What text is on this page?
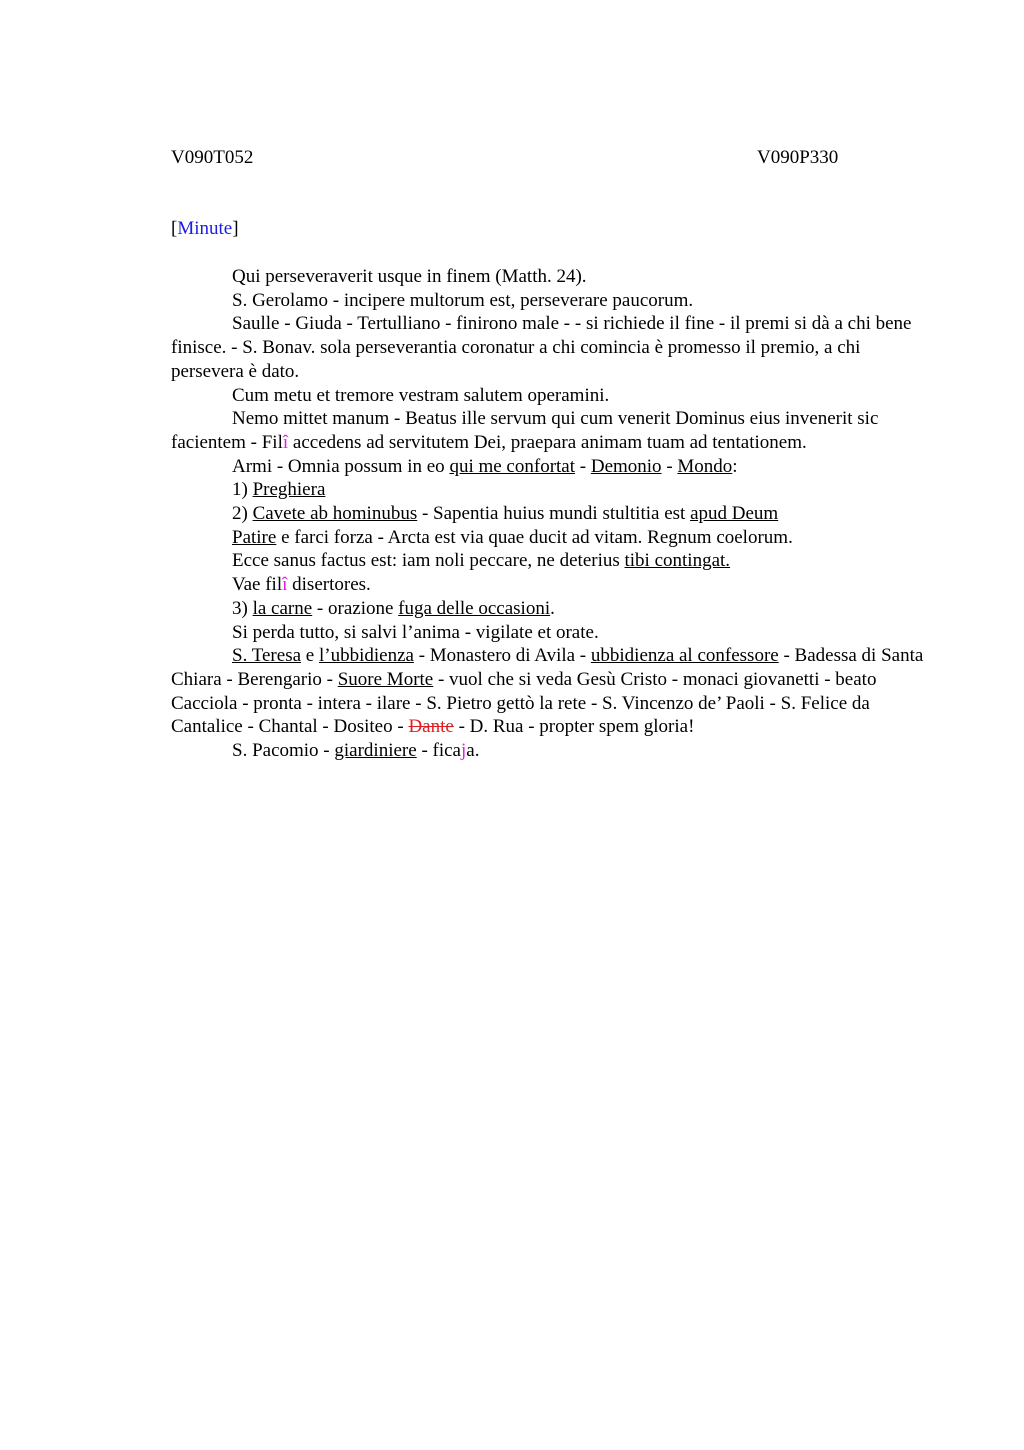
V090T052	V090P330
[Minute]

Qui perseveraverit usque in finem (Matth. 24).

S. Gerolamo - incipere multorum est, perseverare paucorum.

Saulle - Giuda - Tertulliano - finirono male - - si richiede il fine - il premi si dà a chi bene finisce. - S. Bonav. sola perseverantia coronatur a chi comincia è promesso il premio, a chi persevera è dato.

Cum metu et tremore vestram salutem operamini.

Nemo mittet manum - Beatus ille servum qui cum venerit Dominus eius invenerit sic facientem - Filî accedens ad servitutem Dei, praepara animam tuam ad tentationem.

Armi - Omnia possum in eo qui me confortat - Demonio - Mondo:

1) Preghiera

2) Cavete ab hominubus - Sapentia huius mundi stultitia est apud Deum

Patire e farci forza - Arcta est via quae ducit ad vitam. Regnum coelorum.

Ecce sanus factus est: iam noli peccare, ne deterius tibi contingat.

Vae filî disertores.

3) la carne - orazione fuga delle occasioni.

Si perda tutto, si salvi l’anima - vigilate et orate.

S. Teresa e l’ubbidienza - Monastero di Avila - ubbidienza al confessore - Badessa di Santa Chiara - Berengario - Suore Morte - vuol che si veda Gesù Cristo - monaci giovanetti - beato Cacciola - pronta - intera - ilare - S. Pietro gettò la rete - S. Vincenzo de’ Paoli - S. Felice da Cantalice - Chantal - Dositeo - Dante - D. Rua - propter spem gloria!

S. Pacomio - giardiniere - ficaja.
